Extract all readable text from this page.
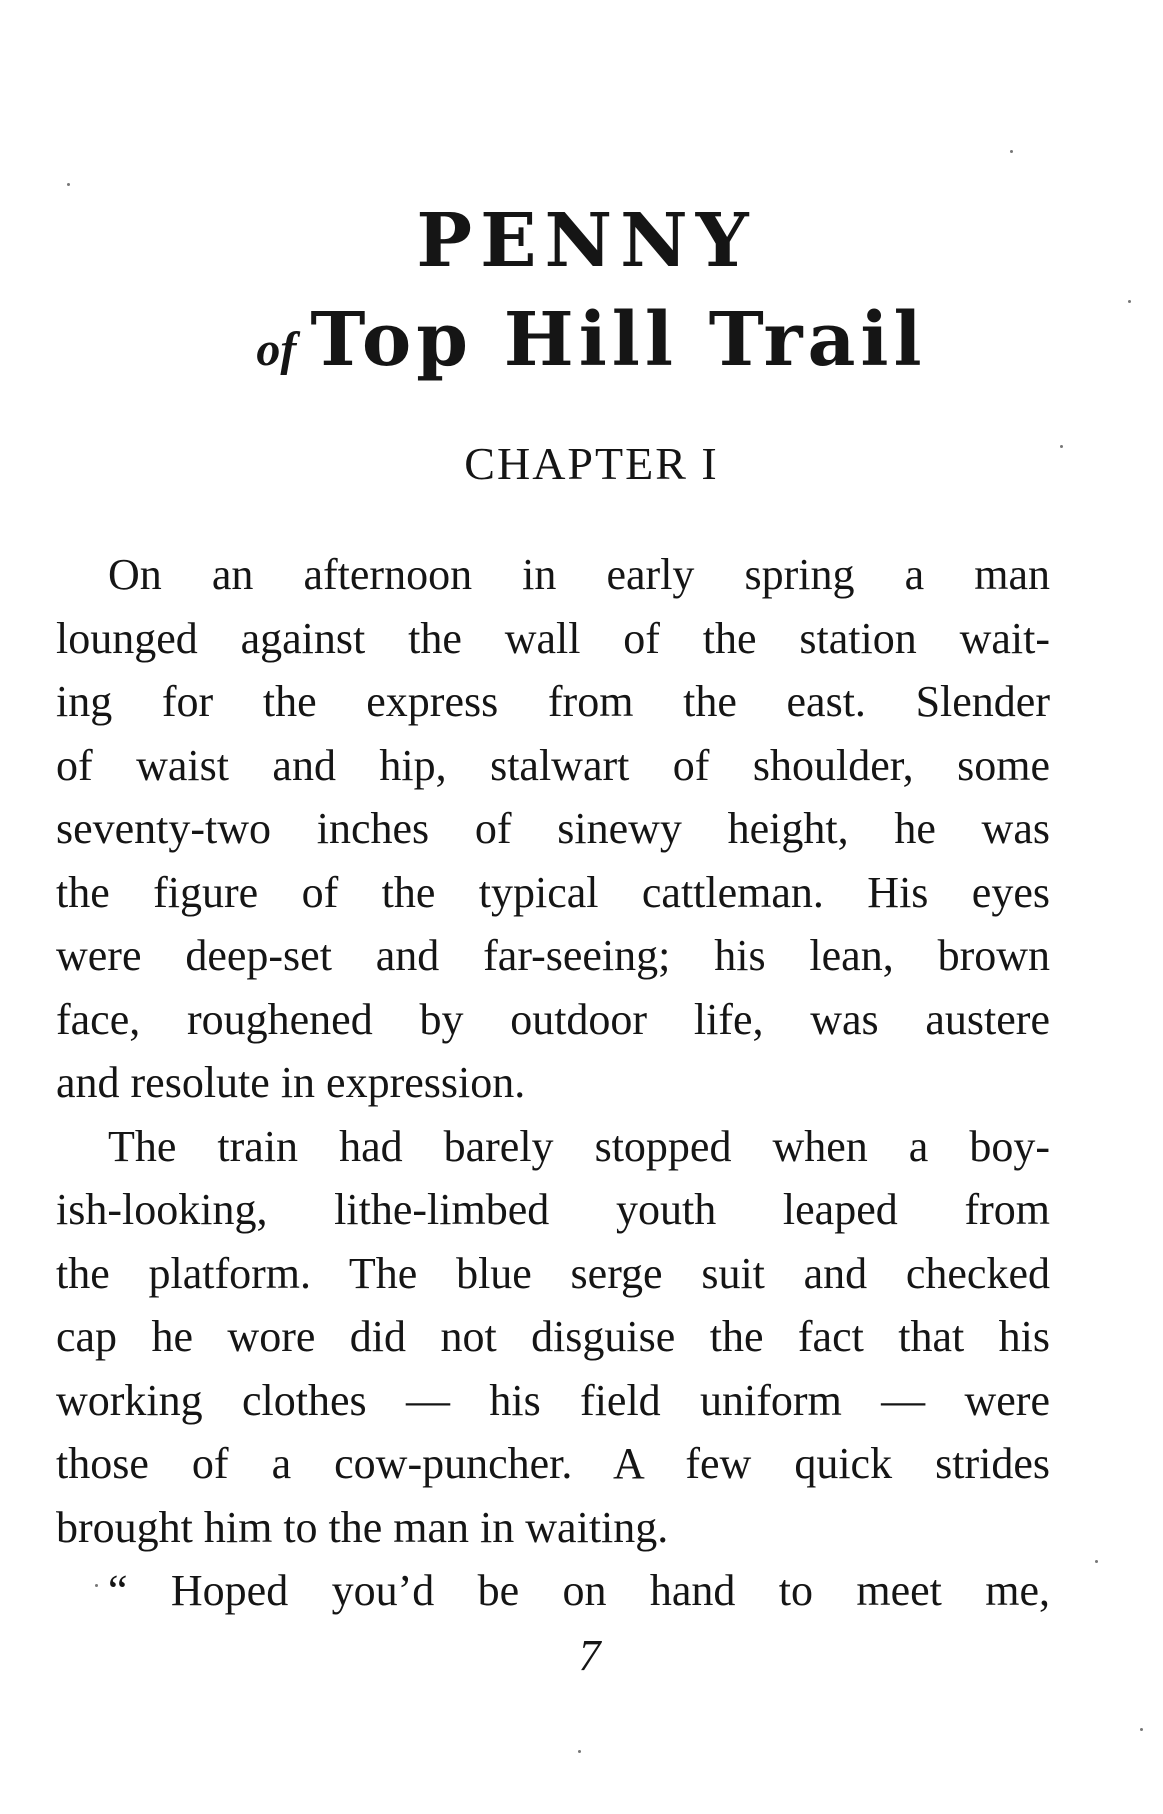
PENNY
of Top Hill Trail
CHAPTER I
On an afternoon in early spring a man
lounged against the wall of the station wait-
ing for the express from the east. Slender
of waist and hip, stalwart of shoulder, some
seventy-two inches of sinewy height, he was
the figure of the typical cattleman. His eyes
were deep-set and far-seeing; his lean, brown
face, roughened by outdoor life, was austere
and resolute in expression.
The train had barely stopped when a boy-
ish-looking, lithe-limbed youth leaped from
the platform. The blue serge suit and checked
cap he wore did not disguise the fact that his
working clothes — his field uniform — were
those of a cow-puncher. A few quick strides
brought him to the man in waiting.
“ Hoped you’d be on hand to meet me,
7
